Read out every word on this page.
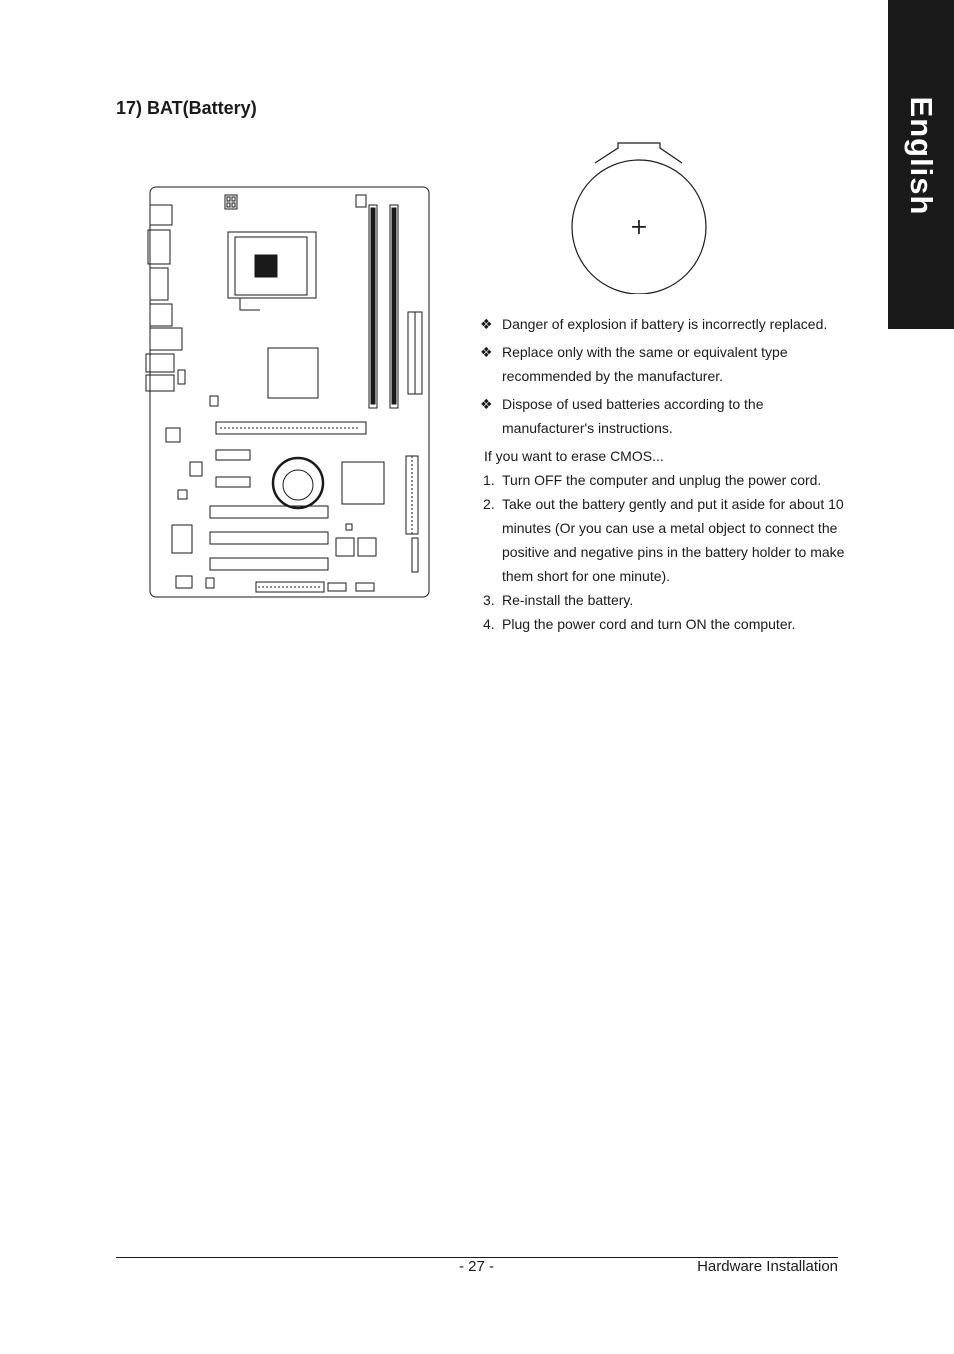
English
17) BAT(Battery)
+
❖ Danger of explosion if battery is incorrectly replaced.
❖ Replace only with the same or equivalent type recommended by the manufacturer.
❖ Dispose of used batteries according to the manufacturer's instructions.
If you want to erase CMOS...
1. Turn OFF the computer and unplug the power cord.
2. Take out the battery gently and put it aside for about 10 minutes (Or you can use a metal object to connect the positive and negative pins in the battery holder to make them short for one minute).
3. Re-install the battery.
4. Plug the power cord and turn ON the computer.
- 27 -	Hardware Installation
